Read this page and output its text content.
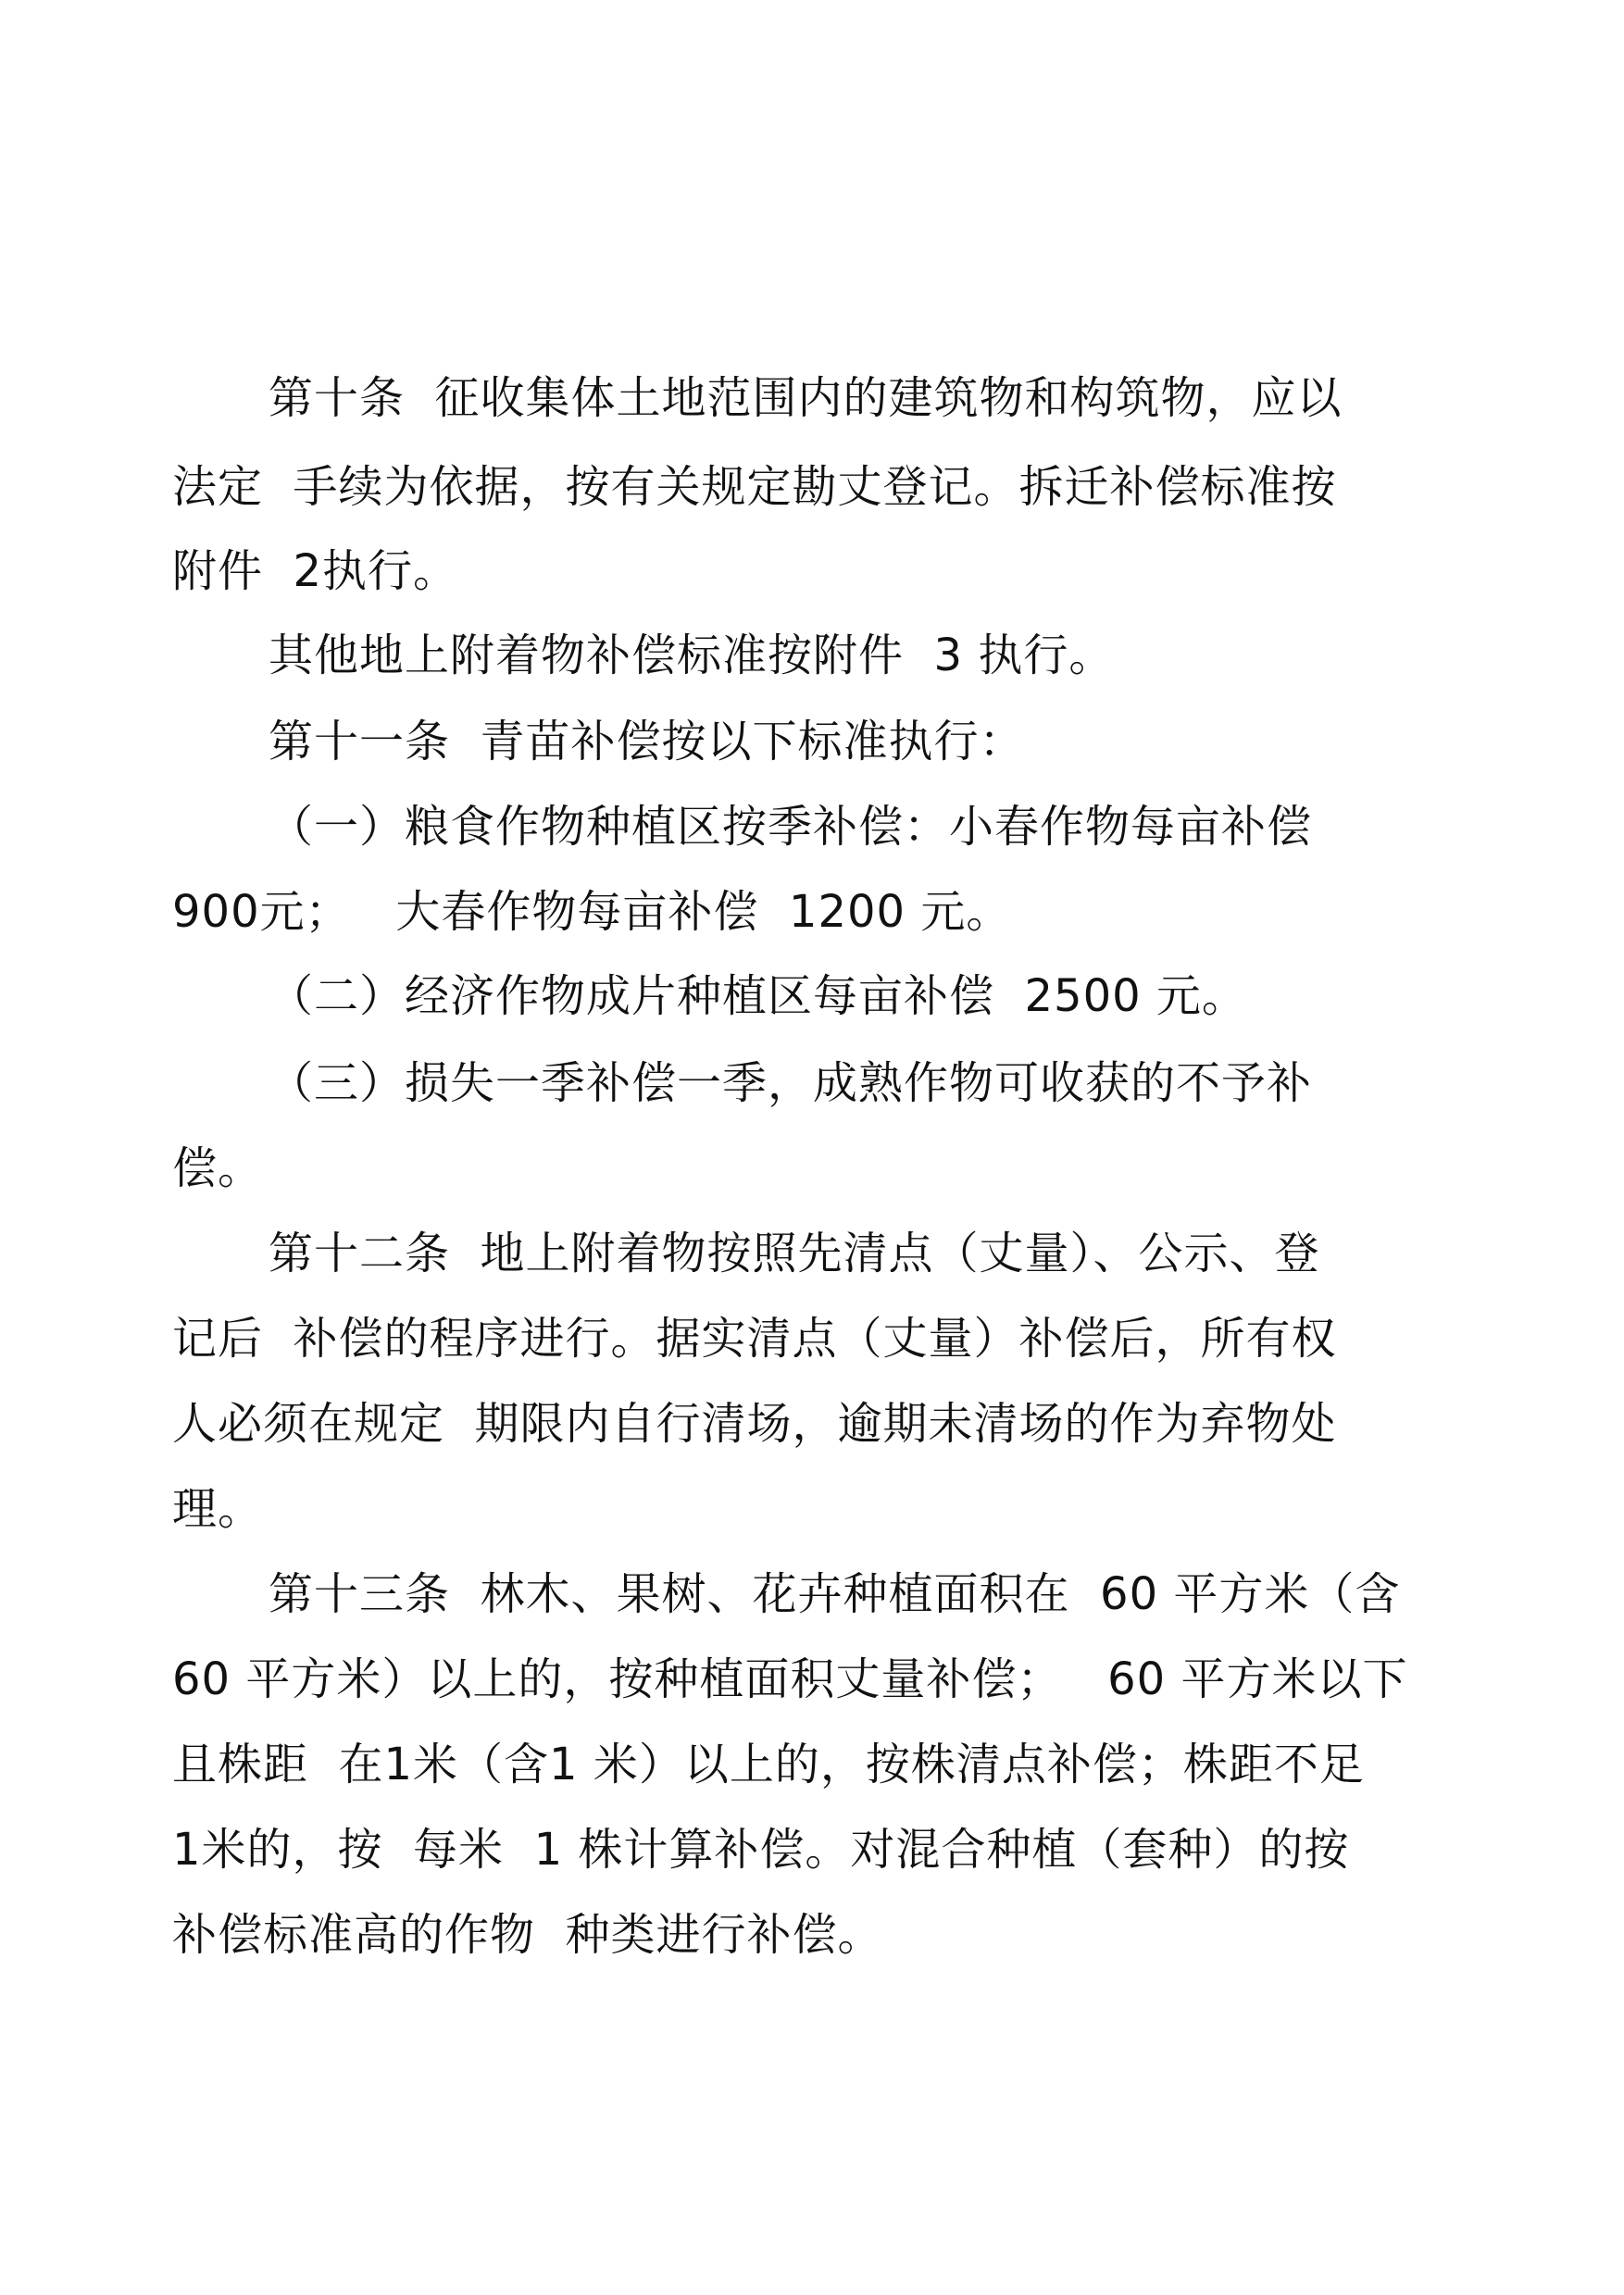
第十条  征收集体土地范围内的建筑物和构筑物，应以

法定  手续为依据，按有关规定勘丈登记。拆迁补偿标准按

附件  2执行。

其他地上附着物补偿标准按附件  3 执行。

第十一条  青苗补偿按以下标准执行：

（一）粮食作物种植区按季补偿：小春作物每亩补偿

900元；   大春作物每亩补偿  1200 元。

（二）经济作物成片种植区每亩补偿  2500 元。

（三）损失一季补偿一季，成熟作物可收获的不予补

偿。

第十二条  地上附着物按照先清点（丈量）、公示、登

记后  补偿的程序进行。据实清点（丈量）补偿后，所有权

人必须在规定  期限内自行清场，逾期未清场的作为弃物处

理。

第十三条  林木、果树、花卉种植面积在  60 平方米（含

60 平方米）以上的，按种植面积丈量补偿；   60 平方米以下

且株距  在1米（含1 米）以上的，按株清点补偿；株距不足

1米的，按  每米  1 株计算补偿。对混合种植（套种）的按

补偿标准高的作物  种类进行补偿。
